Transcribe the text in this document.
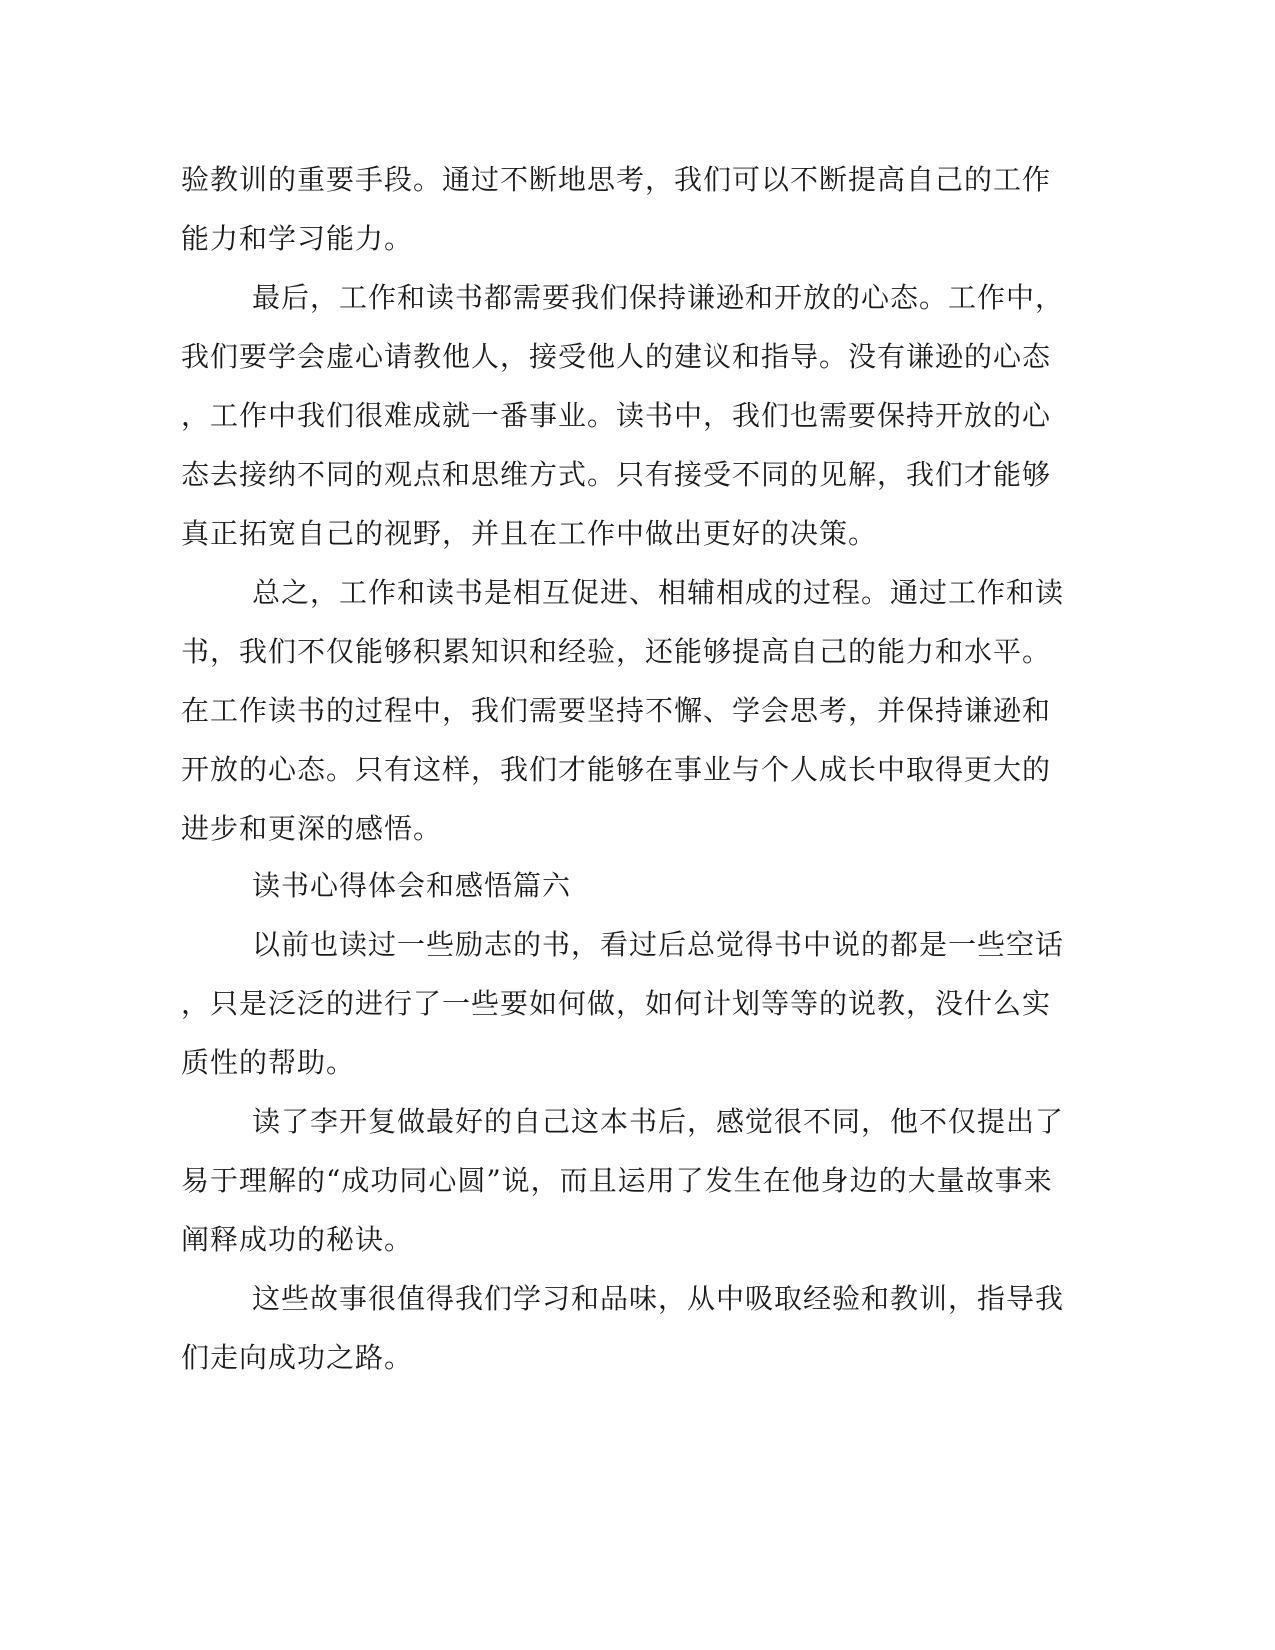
验教训的重要手段。通过不断地思考，我们可以不断提高自己的工作
能力和学习能力。
最后，工作和读书都需要我们保持谦逊和开放的心态。工作中，
我们要学会虚心请教他人，接受他人的建议和指导。没有谦逊的心态
，工作中我们很难成就一番事业。读书中，我们也需要保持开放的心
态去接纳不同的观点和思维方式。只有接受不同的见解，我们才能够
真正拓宽自己的视野，并且在工作中做出更好的决策。
总之，工作和读书是相互促进、相辅相成的过程。通过工作和读
书，我们不仅能够积累知识和经验，还能够提高自己的能力和水平。
在工作读书的过程中，我们需要坚持不懈、学会思考，并保持谦逊和
开放的心态。只有这样，我们才能够在事业与个人成长中取得更大的
进步和更深的感悟。
读书心得体会和感悟篇六
以前也读过一些励志的书，看过后总觉得书中说的都是一些空话
，只是泛泛的进行了一些要如何做，如何计划等等的说教，没什么实
质性的帮助。
读了李开复做最好的自己这本书后，感觉很不同，他不仅提出了
易于理解的“成功同心圆”说，而且运用了发生在他身边的大量故事来
阐释成功的秘诀。
这些故事很值得我们学习和品味，从中吸取经验和教训，指导我
们走向成功之路。
